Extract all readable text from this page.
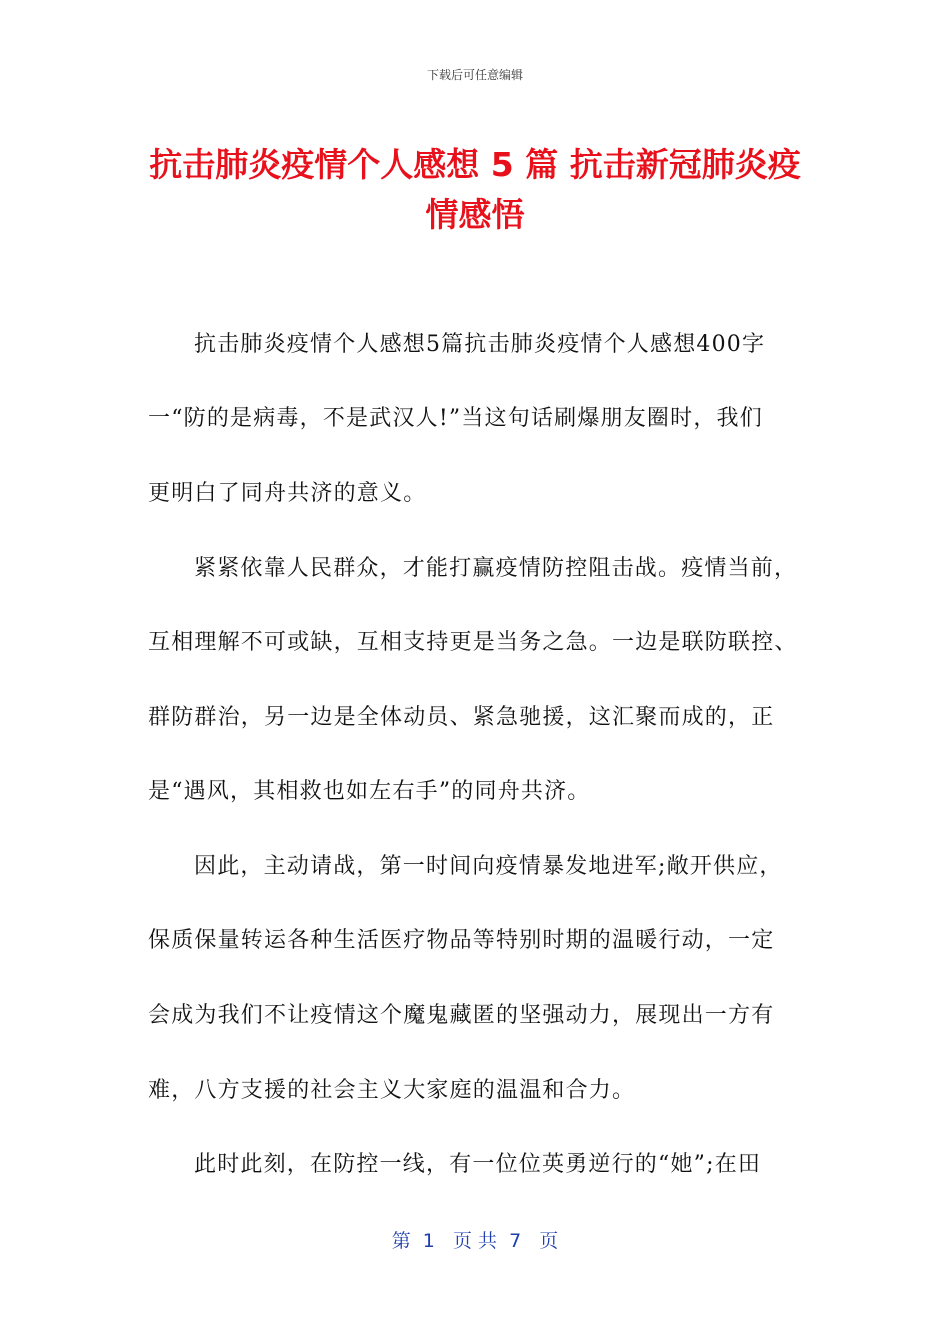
下载后可任意编辑
抗击肺炎疫情个人感想 5 篇 抗击新冠肺炎疫
情感悟
抗击肺炎疫情个人感想5篇抗击肺炎疫情个人感想400字
一“防的是病毒，不是武汉人!”当这句话刷爆朋友圈时，我们
更明白了同舟共济的意义。
紧紧依靠人民群众，才能打赢疫情防控阻击战。疫情当前，
互相理解不可或缺，互相支持更是当务之急。一边是联防联控、
群防群治，另一边是全体动员、紧急驰援，这汇聚而成的，正
是“遇风，其相救也如左右手”的同舟共济。
因此，主动请战，第一时间向疫情暴发地进军;敞开供应，
保质保量转运各种生活医疗物品等特别时期的温暖行动，一定
会成为我们不让疫情这个魔鬼藏匿的坚强动力，展现出一方有
难，八方支援的社会主义大家庭的温温和合力。
此时此刻，在防控一线，有一位位英勇逆行的“她”;在田
第  1   页 共  7   页
